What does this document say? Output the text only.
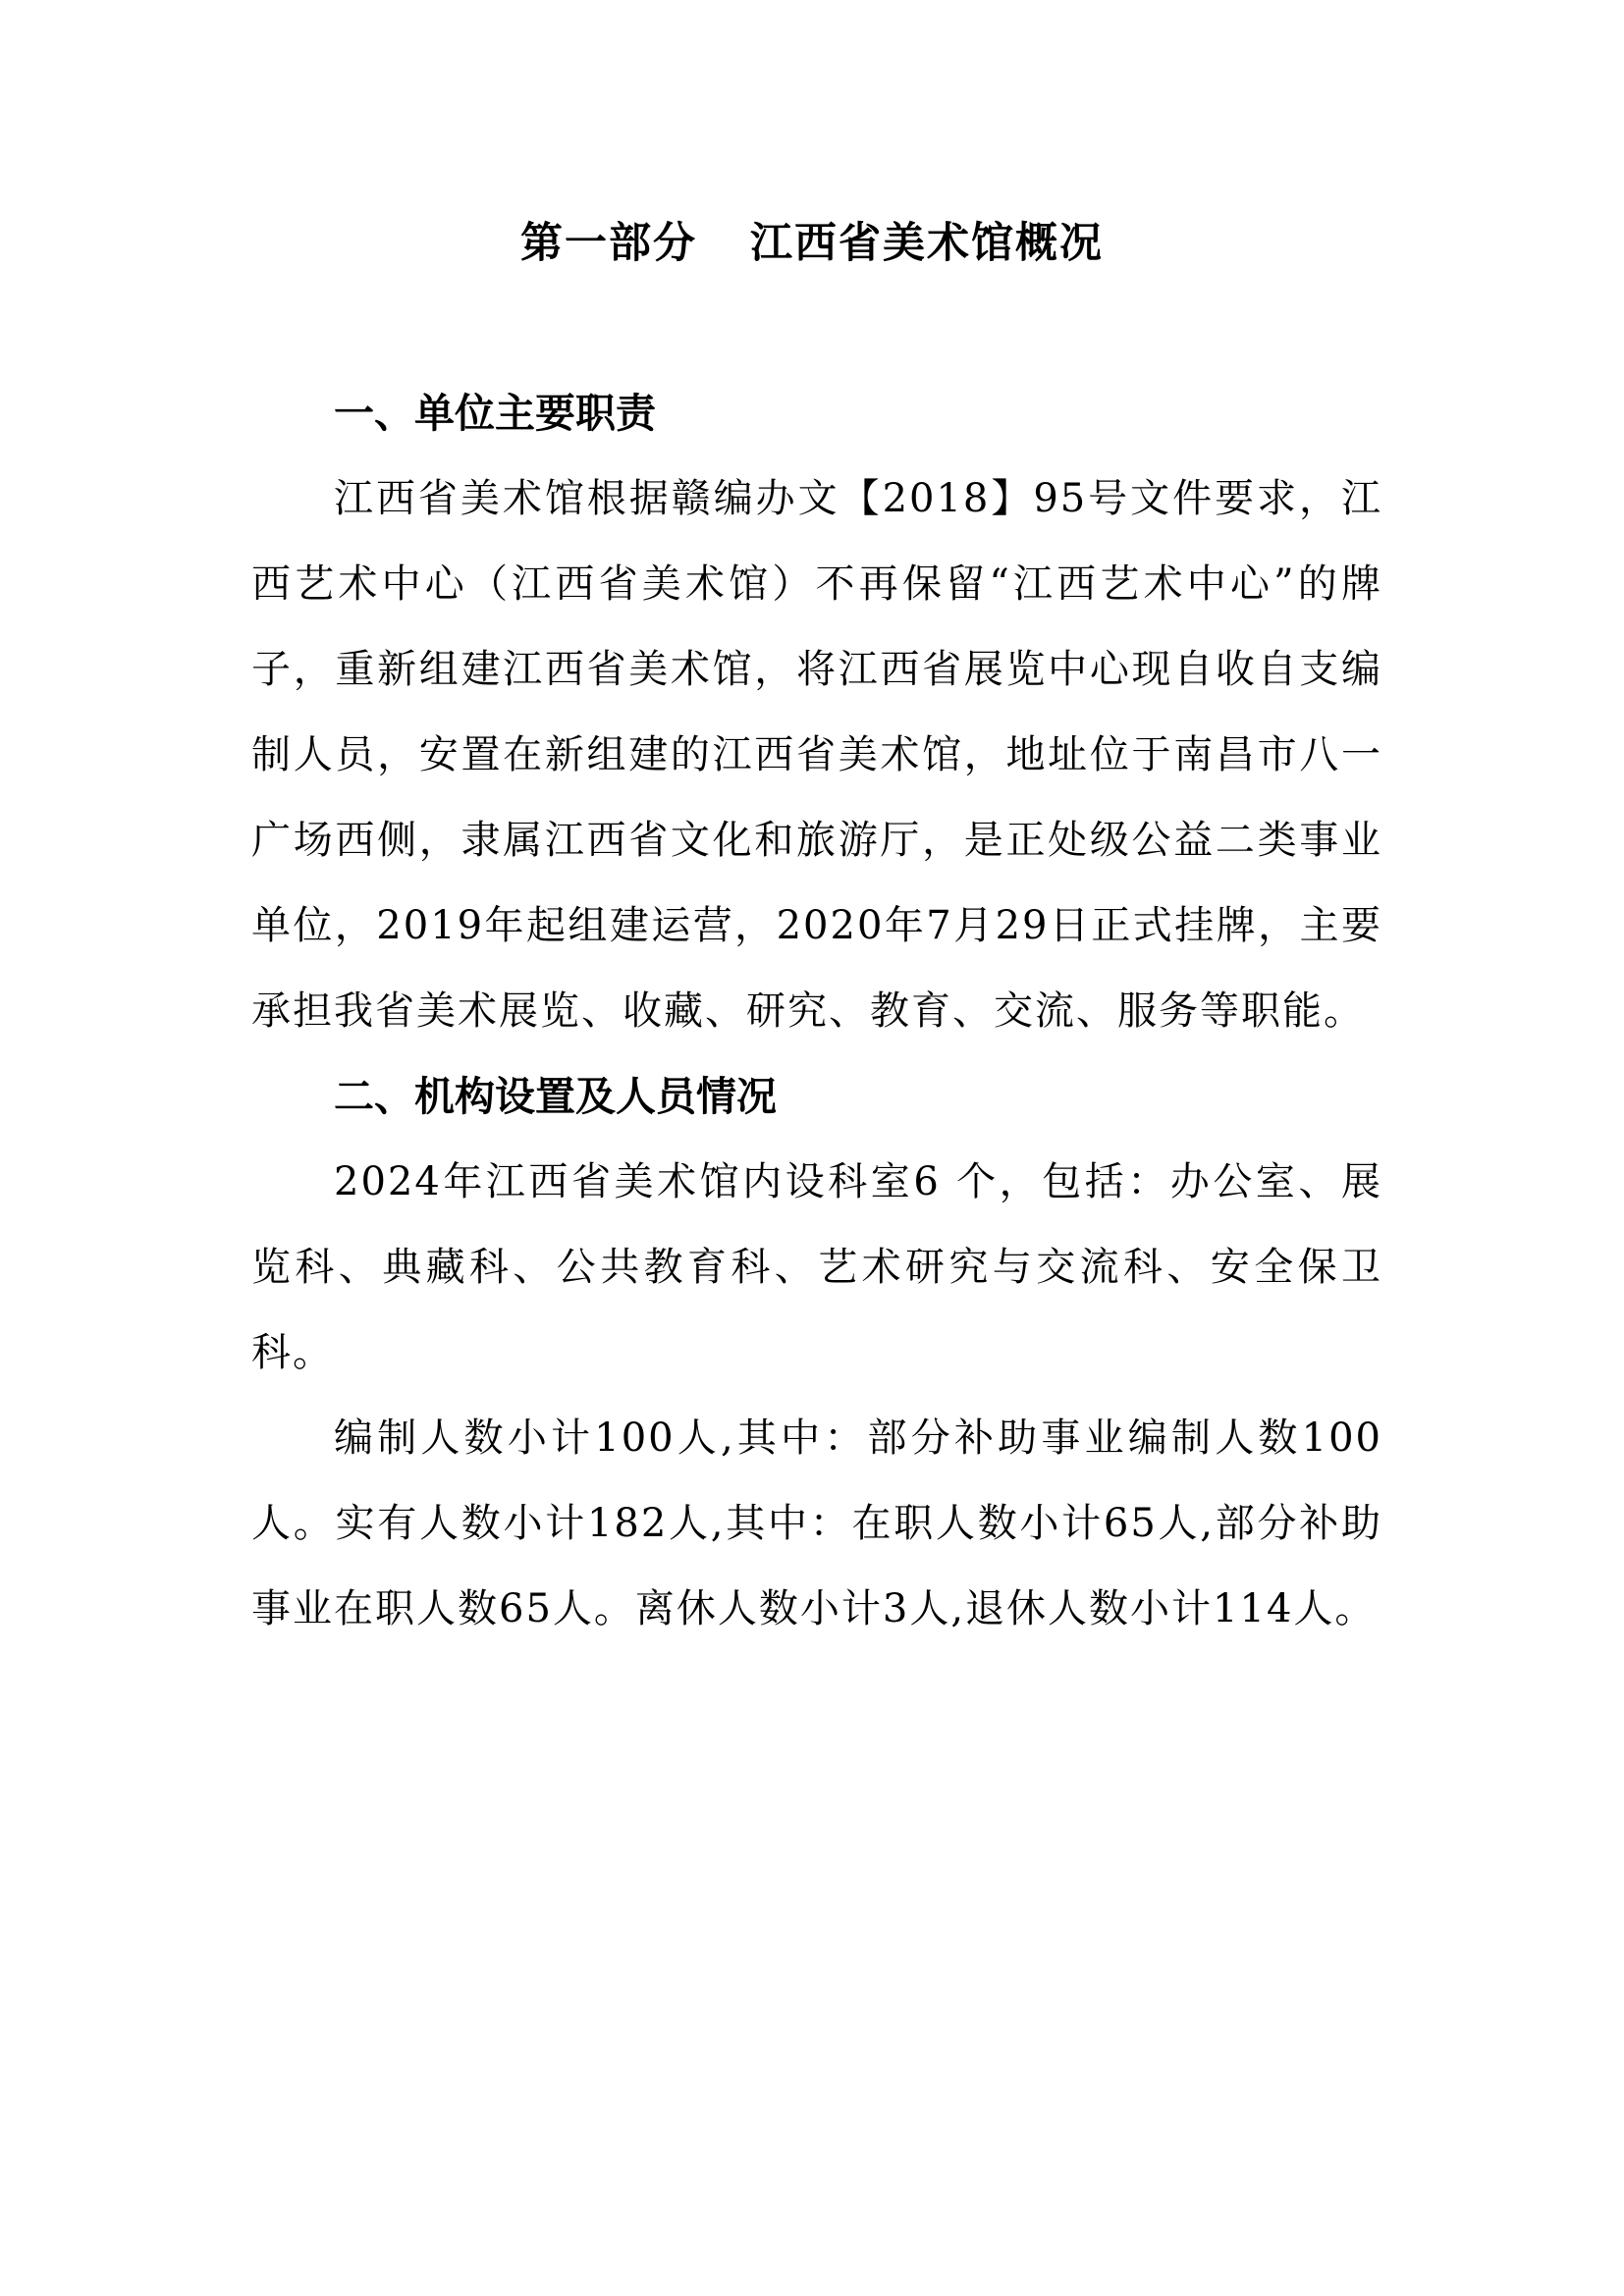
第一部分 江西省美术馆概况
一、单位主要职责

江西省美术馆根据赣编办文【2018】95号文件要求，江西艺术中心（江西省美术馆）不再保留“江西艺术中心”的牌子，重新组建江西省美术馆，将江西省展览中心现自收自支编制人员，安置在新组建的江西省美术馆，地址位于南昌市八一广场西侧，隶属江西省文化和旅游厅，是正处级公益二类事业单位，2019年起组建运营，2020年7月29日正式挂牌，主要承担我省美术展览、收藏、研究、教育、交流、服务等职能。

二、机构设置及人员情况

2024年江西省美术馆内设科室6 个，包括：办公室、展览科、典藏科、公共教育科、艺术研究与交流科、安全保卫科。

编制人数小计100人,其中：部分补助事业编制人数100人。实有人数小计182人,其中：在职人数小计65人,部分补助事业在职人数65人。离休人数小计3人,退休人数小计114人。
